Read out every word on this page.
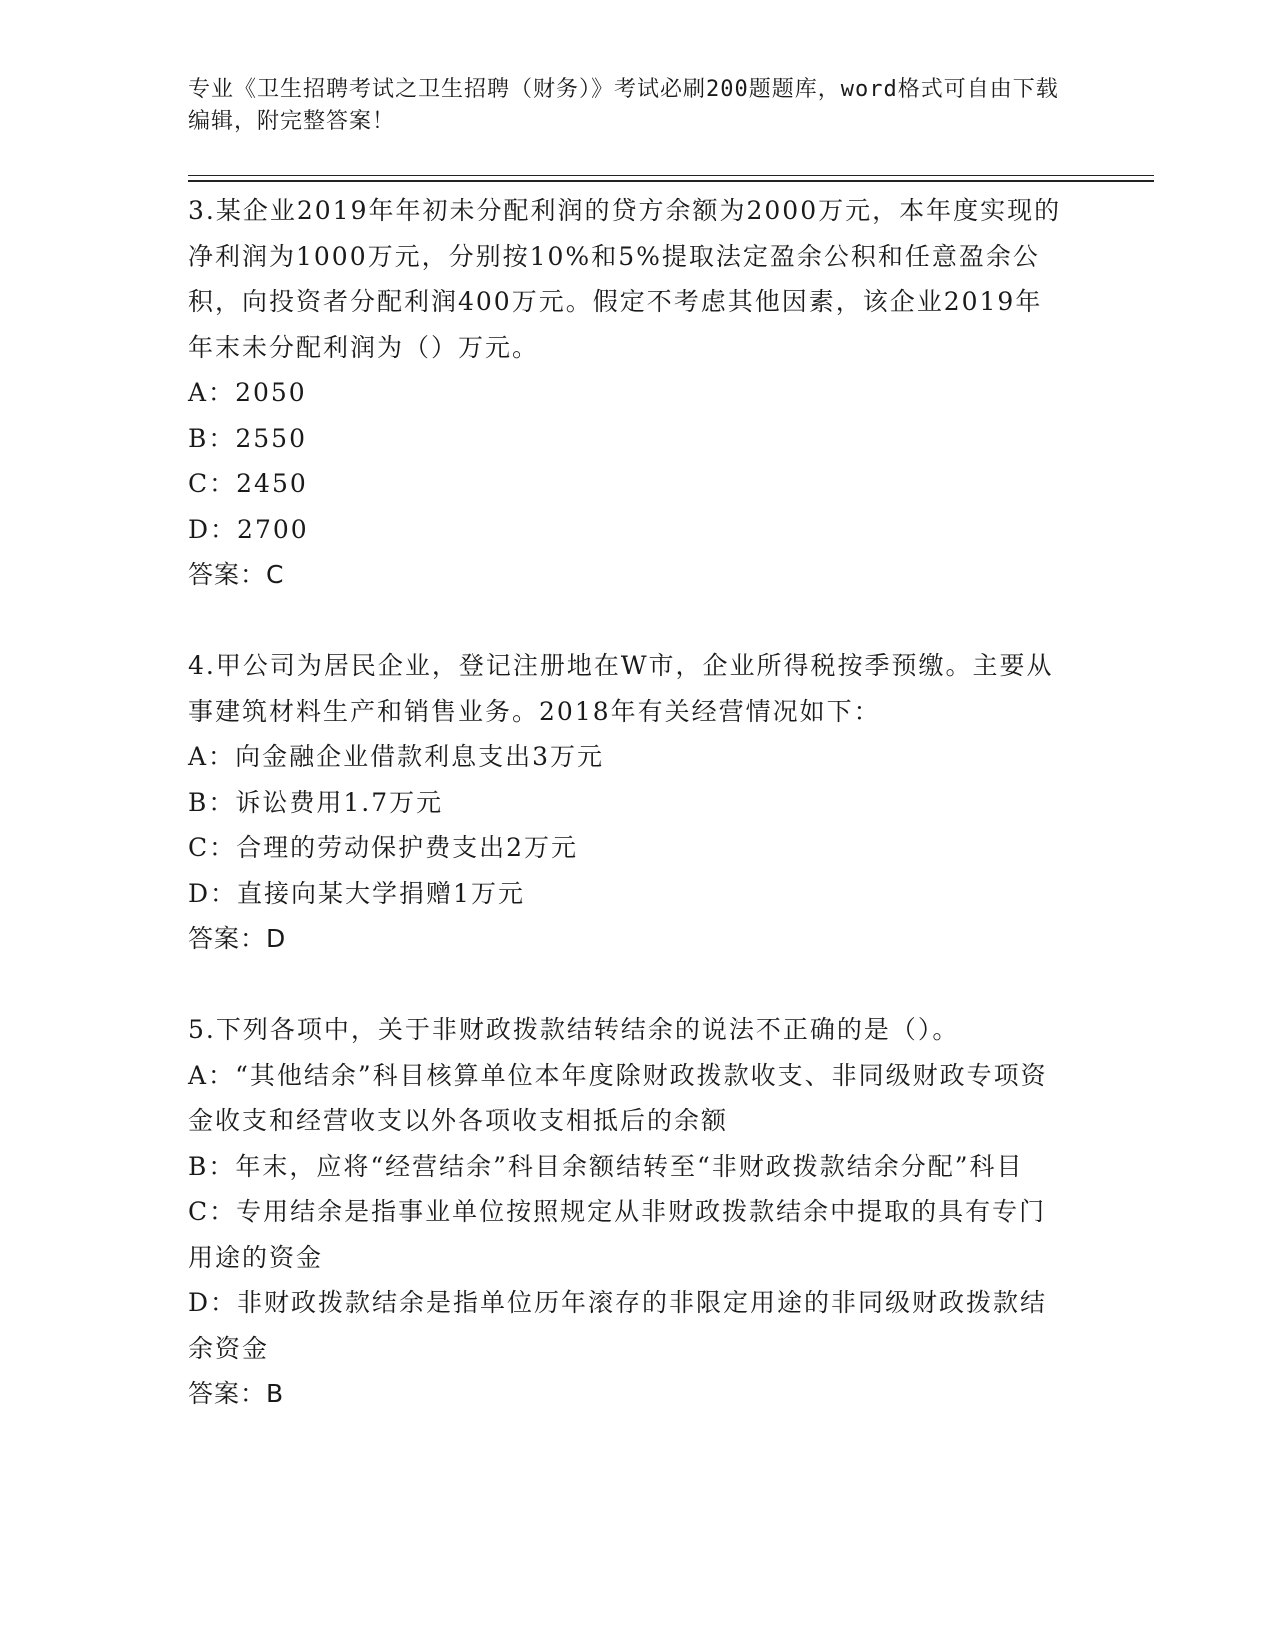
专业《卫生招聘考试之卫生招聘（财务）》考试必刷200题题库，word格式可自由下载编辑，附完整答案！

3.某企业2019年年初未分配利润的贷方余额为2000万元，本年度实现的净利润为1000万元，分别按10%和5%提取法定盈余公积和任意盈余公积，向投资者分配利润400万元。假定不考虑其他因素，该企业2019年年末未分配利润为（）万元。

A：2050

B：2550

C：2450

D：2700

答案：C

4.甲公司为居民企业，登记注册地在W市，企业所得税按季预缴。主要从事建筑材料生产和销售业务。2018年有关经营情况如下：

A：向金融企业借款利息支出3万元

B：诉讼费用1.7万元

C：合理的劳动保护费支出2万元

D：直接向某大学捐赠1万元

答案：D

5.下列各项中，关于非财政拨款结转结余的说法不正确的是（）。

A：“其他结余”科目核算单位本年度除财政拨款收支、非同级财政专项资金收支和经营收支以外各项收支相抵后的余额

B：年末，应将“经营结余”科目余额结转至“非财政拨款结余分配”科目

C：专用结余是指事业单位按照规定从非财政拨款结余中提取的具有专门用途的资金

D：非财政拨款结余是指单位历年滚存的非限定用途的非同级财政拨款结余资金

答案：B
